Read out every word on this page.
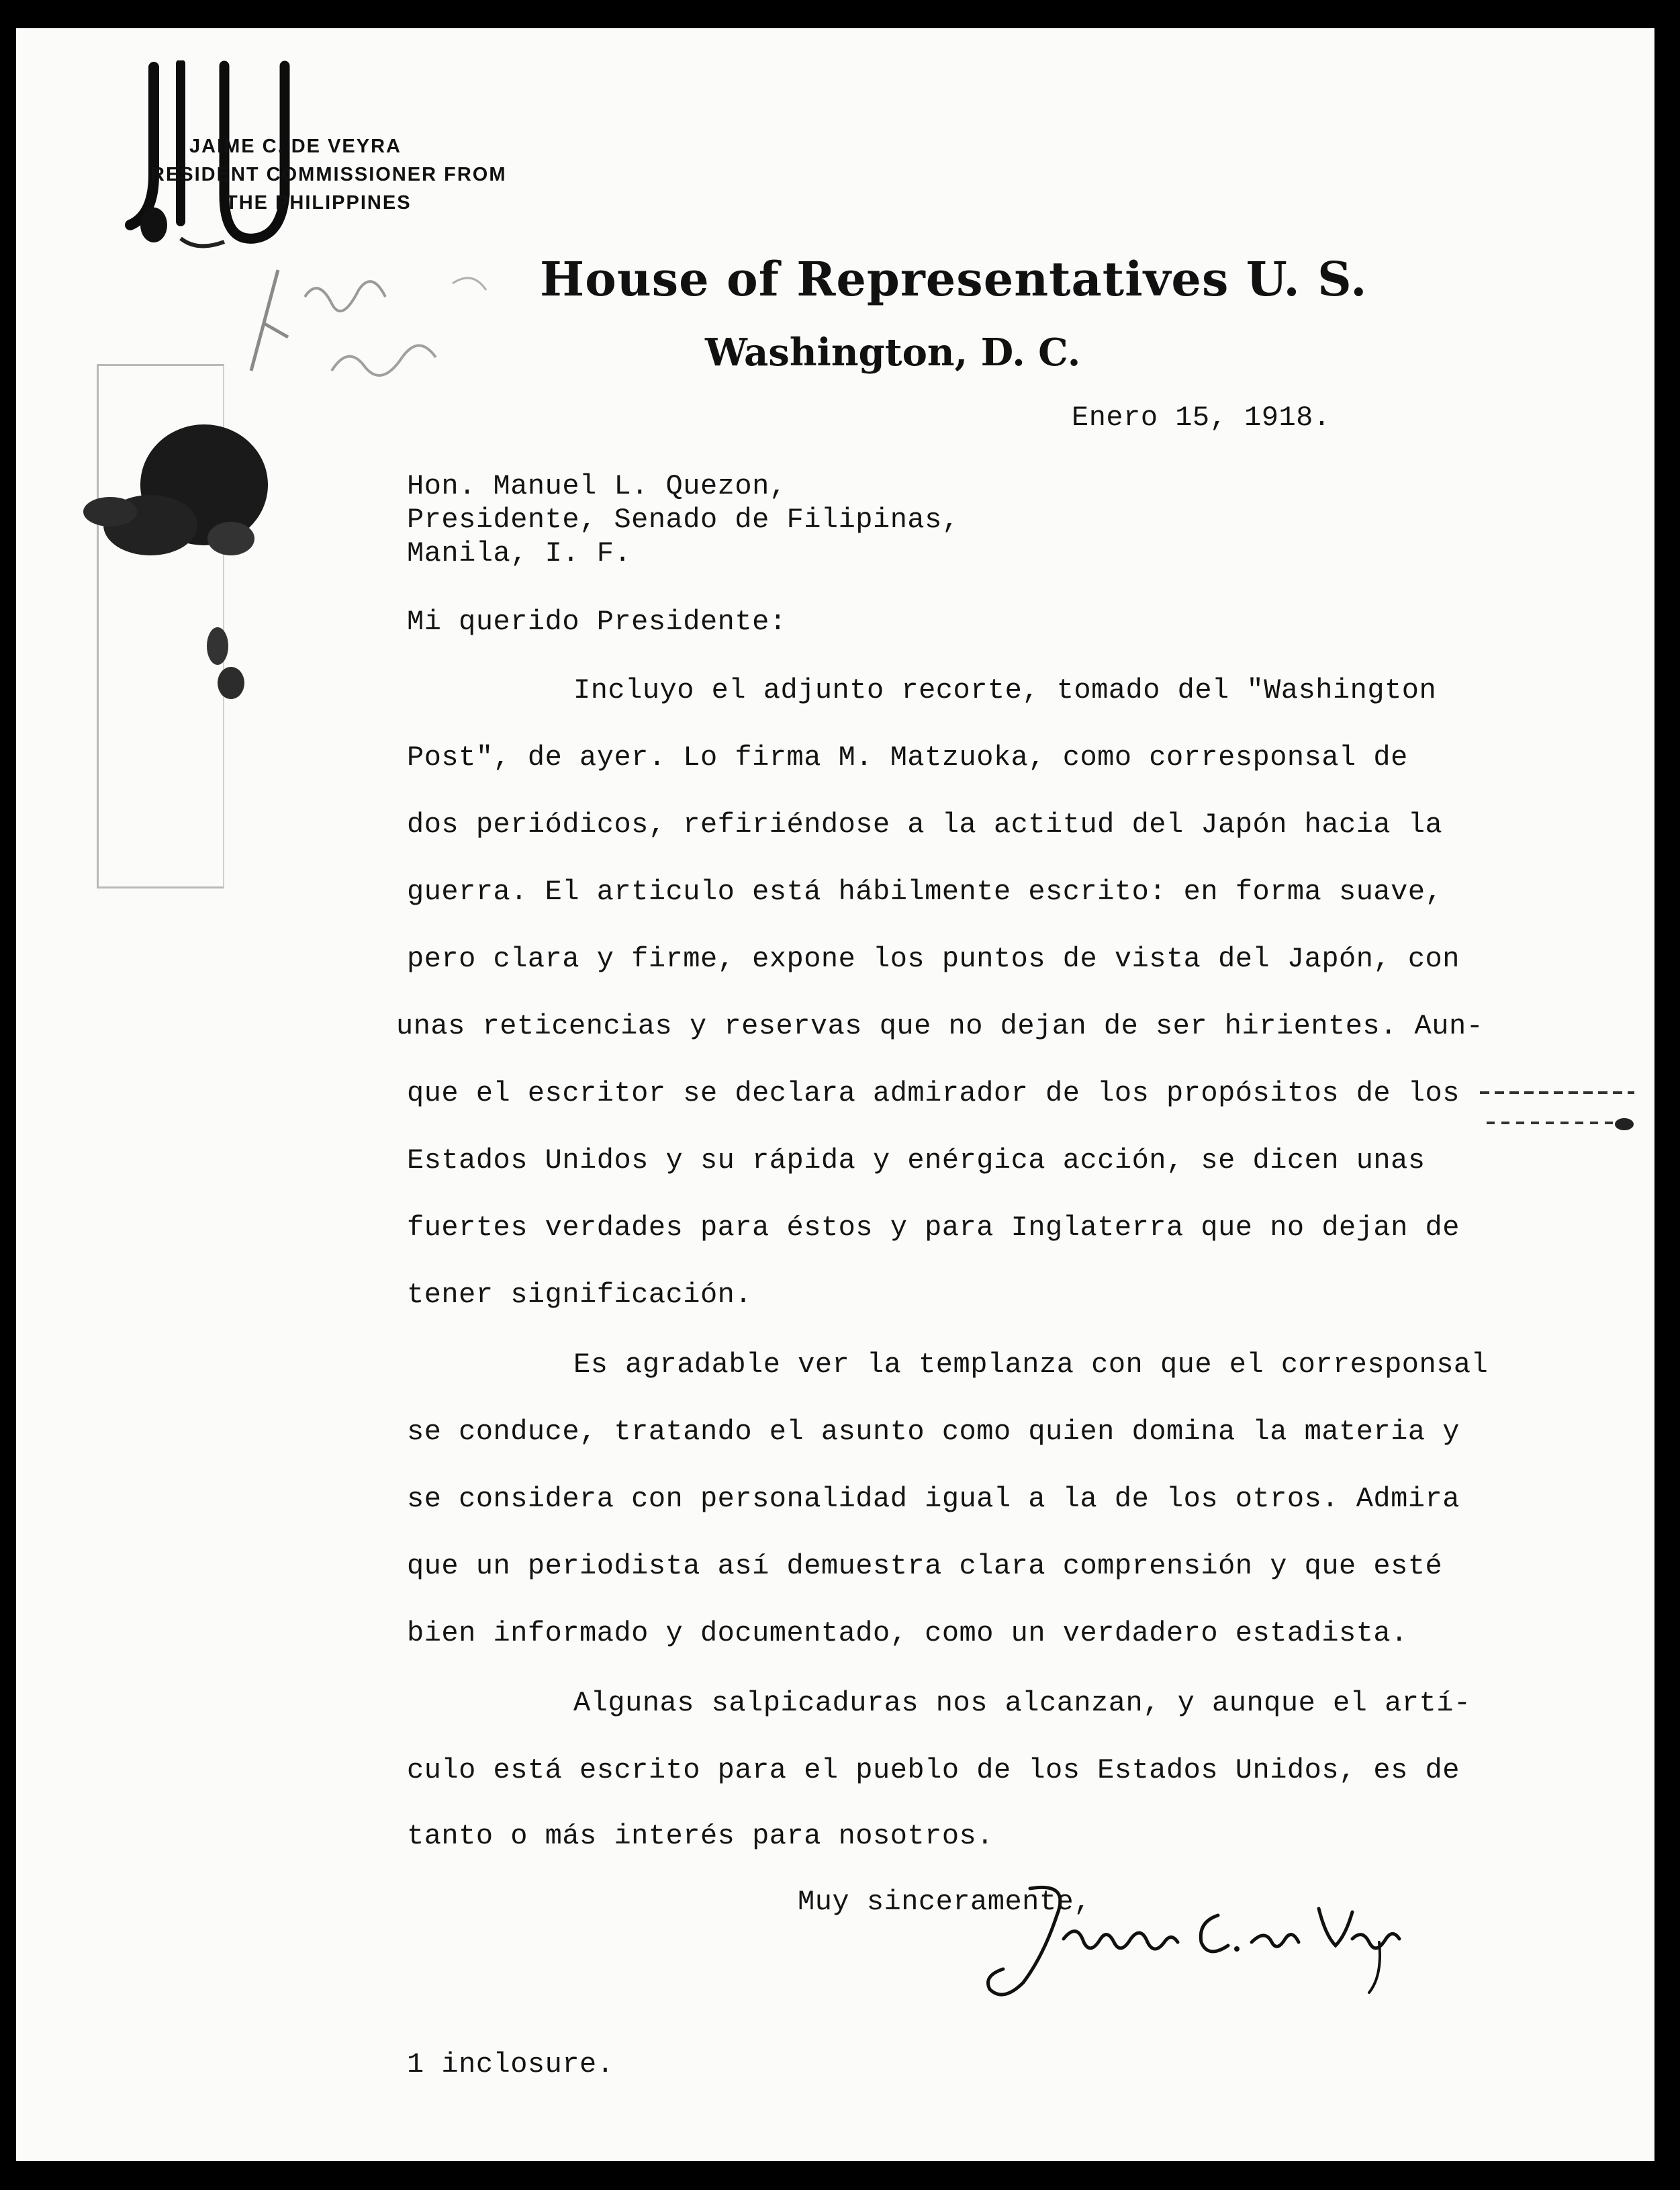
JAIME C. DE VEYRA
RESIDENT COMMISSIONER FROM
THE PHILIPPINES
House of Representatives U. S.
Washington, D. C.
Enero 15, 1918.
Hon. Manuel L. Quezon,
Presidente, Senado de Filipinas,
Manila, I. F.
Mi querido Presidente:
Incluyo el adjunto recorte, tomado del "Washington
Post", de ayer. Lo firma M. Matzuoka, como corresponsal de
dos periódicos, refiriéndose a la actitud del Japón hacia la
guerra. El articulo está hábilmente escrito: en forma suave,
pero clara y firme, expone los puntos de vista del Japón, con
unas reticencias y reservas que no dejan de ser hirientes. Aun-
que el escritor se declara admirador de los propósitos de los
Estados Unidos y su rápida y enérgica acción, se dicen unas
fuertes verdades para éstos y para Inglaterra que no dejan de
tener significación.
Es agradable ver la templanza con que el corresponsal
se conduce, tratando el asunto como quien domina la materia y
se considera con personalidad igual a la de los otros. Admira
que un periodista así demuestra clara comprensión y que esté
bien informado y documentado, como un verdadero estadista.
Algunas salpicaduras nos alcanzan, y aunque el artí-
culo está escrito para el pueblo de los Estados Unidos, es de
tanto o más interés para nosotros.
Muy sinceramente,
1 inclosure.
